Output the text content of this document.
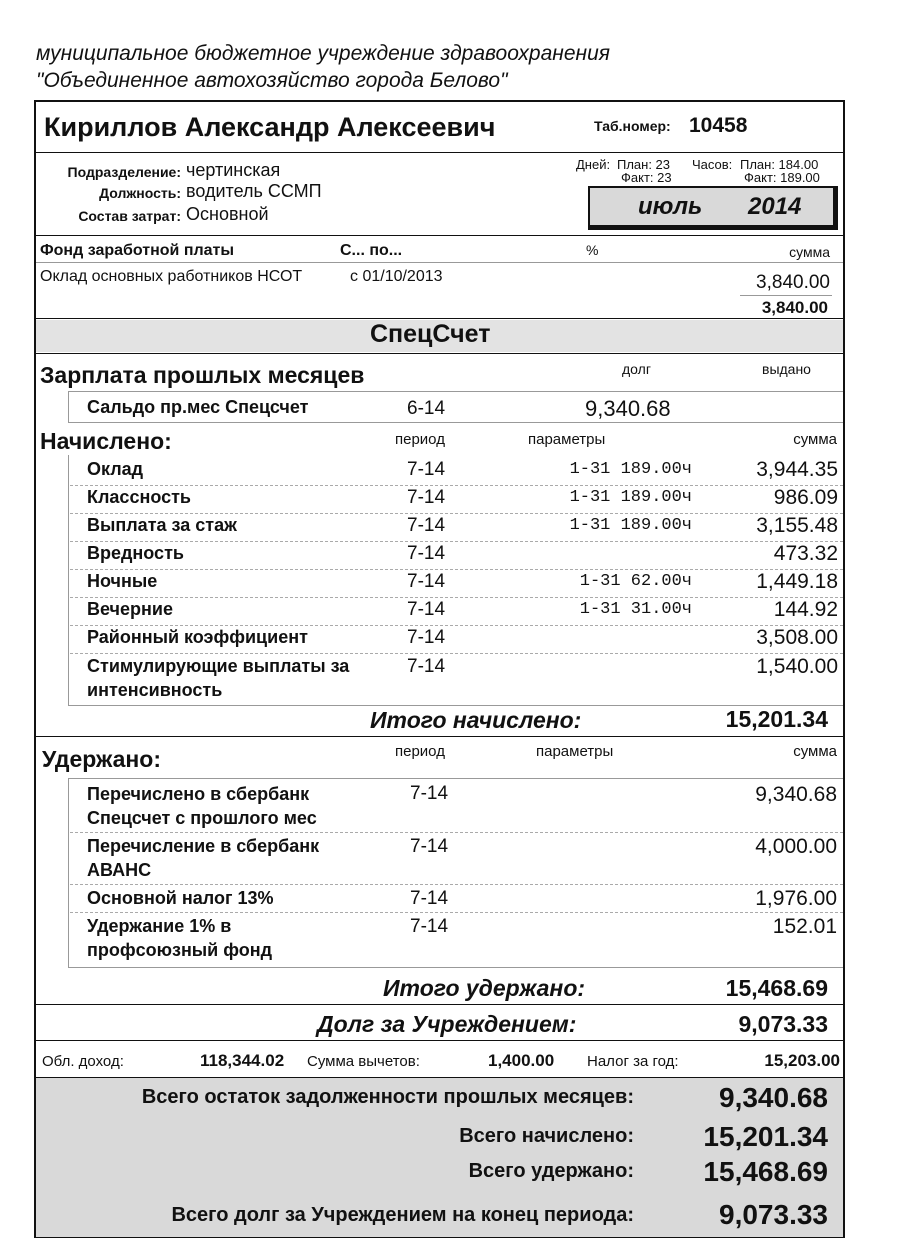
муниципальное бюджетное учреждение здравоохранения
"Объединенное автохозяйство города Белово"
Кириллов Александр Алексеевич	Таб.номер: 10458
Подразделение: чертинская
Должность: водитель ССМП
Состав затрат: Основной
Дней: План: 23
Факт: 23
Часов: План: 184.00
Факт: 189.00
июль 2014
Фонд заработной платы	С... по...	%	сумма
Оклад основных работников НСОТ	с 01/10/2013	3,840.00
3,840.00
СпецСчет
Зарплата прошлых месяцев	долг	выдано
Сальдо пр.мес Спецсчет	6-14	9,340.68
Начислено:	период	параметры	сумма
Оклад	7-14	1-31 189.00ч	3,944.35
Классность	7-14	1-31 189.00ч	986.09
Выплата за стаж	7-14	1-31 189.00ч	3,155.48
Вредность	7-14	473.32
Ночные	7-14	1-31 62.00ч	1,449.18
Вечерние	7-14	1-31 31.00ч	144.92
Районный коэффициент	7-14	3,508.00
Стимулирующие выплаты за
интенсивность
7-14	1,540.00
Итого начислено:	15,201.34
Удержано:	период	параметры	сумма
Перечислено в сбербанк
Спецсчет с прошлого мес
7-14	9,340.68
Перечисление в сбербанк
АВАНС
7-14	4,000.00
Основной налог 13%	7-14	1,976.00
Удержание 1% в
профсоюзный фонд
7-14	152.01
Итого удержано:	15,468.69
Долг за Учреждением:	9,073.33
Обл. доход:	118,344.02 Сумма вычетов:	1,400.00 Налог за год:	15,203.00
Всего остаток задолженности прошлых месяцев:	9,340.68
Всего начислено:	15,201.34
Всего удержано:	15,468.69
Всего долг за Учреждением на конец периода:	9,073.33
